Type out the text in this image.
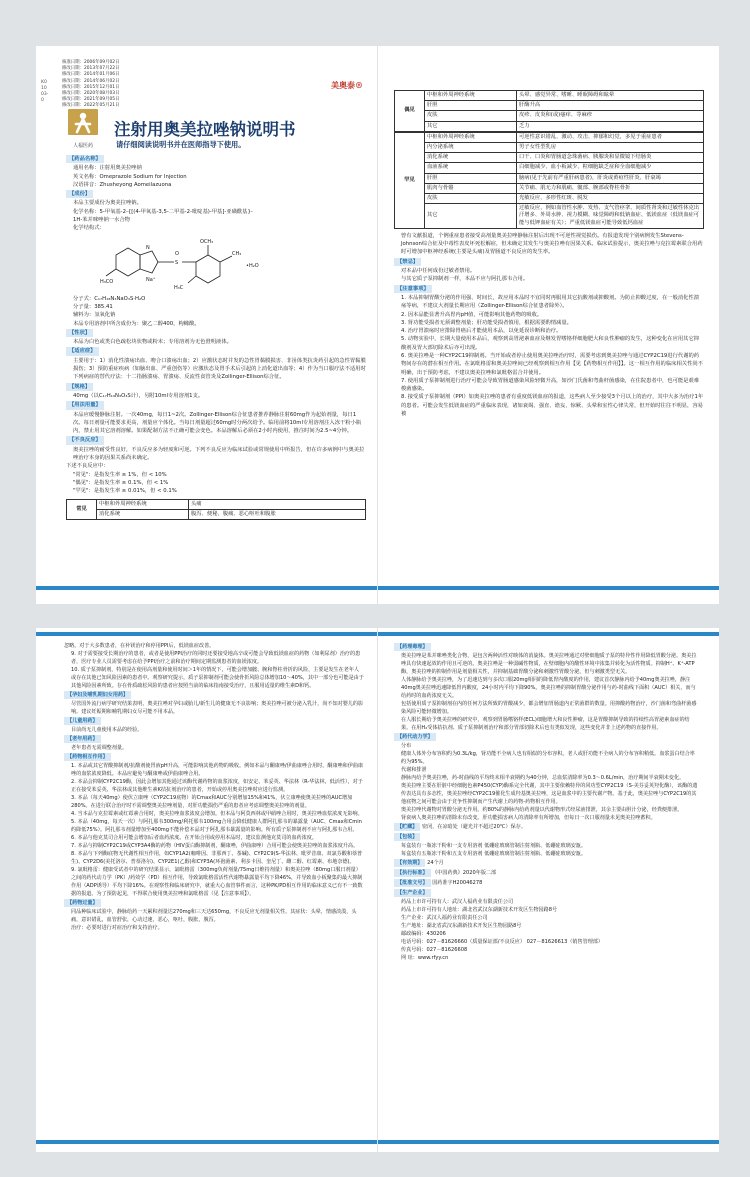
K01003-0
核准日期：2006年09月02日
修改日期：2013年07月22日
修改日期：2014年01月06日
修改日期：2014年06月02日
修改日期：2015年12月01日
修改日期：2020年08月03日
修改日期：2021年09月05日
修改日期：2022年05月21日
美奥泰®
人福医药
注射用奥美拉唑钠说明书
请仔细阅读说明书并在医师指导下使用。
【药品名称】

通用名称：注射用奥美拉唑钠

英文名称：Omeprazole Sodium for Injection

汉语拼音：Zhusheyong Aomeilazuona

【成份】

本品主要成份为奥美拉唑钠。

化学名称：5-甲氧基-2-{[(4-甲氧基-3,5-二甲基-2-吡啶基)-甲基]-亚磺酰基}-

1H-苯并咪唑钠一水合物

化学结构式：

H₃CO
N
Na⁺
S
O
OCH₃
CH₃
H₃C
•H₂O

分子式：C₁₇H₁₈N₃NaO₃S·H₂O

分子量：385.41

辅料为：氢氧化钠

本品专用溶剂中所含成份为：聚乙二醇400，枸橼酸。

【性状】

本品为白色或类白色疏松块状物或粉末；专用溶剂为无色澄明液体。

【适应症】

主要用于：1）消化性溃疡出血、吻合口溃疡出血；2）应激状态时并发的急性胃黏膜损害、非甾体类抗炎药引起的急性胃黏膜损伤；3）预防重症疾病（如脑出血、严重创伤等）应激状态及胃手术后引起的上消化道出血等；4）作为当口服疗法不适用时下列病症的替代疗法：十二指肠溃疡、胃溃疡、反流性食管炎及Zollinger-Ellison综合征。

【规格】

40mg（以C₁₇H₁₉N₃O₃S计），另附10ml专用溶剂1支。

【用法用量】

本品应缓慢静脉注射。一次40mg，每日1~2次。Zollinger-Ellison综合征患者推荐静脉注射60mg作为起始剂量，每日1次。每日剂量可能要求更高，剂量应个体化。当每日剂量超过60mg时分两次给予。临用前将10ml专用溶剂注入冻干粉小瓶内，禁止用其它溶剂溶解。如果配制方法不正确可能会变色。本品溶解后必须在2小时内使用，推注时间为2.5~4分钟。

【不良反应】

奥美拉唑的耐受性良好，不良反应多为轻度和可逆。下列不良反应为临床试验或常规使用中所报告，但在许多病例中与奥美拉唑治疗本身的因果关系尚未确定。

下述不良反应中：

"常见"：是指发生率 ≥ 1%，但 < 10%

"偶见"：是指发生率 ≥ 0.1%，但 < 1%

"罕见"：是指发生率 ≥ 0.01%，但 < 0.1%

常见	中枢和外周神经系统	头痛
	消化系统	腹泻、便秘、腹痛、恶心呕吐和腹胀
偶见	中枢和外周神经系统	头晕、感觉异常、嗜睡、睡眠障碍和眩晕
	肝胆	肝酶升高
	皮肤	皮疹、皮炎和(或)瘙痒、荨麻疹
	其它	乏力
罕见	中枢和外周神经系统	可逆性意识错乱、激动、攻击、抑郁和幻觉，多见于重症患者
	内分泌系统	男子女性型乳房
	消化系统	口干、口炎和胃肠道念珠菌病、胰腺炎和显微镜下结肠炎
	血液系统	白细胞减少、血小板减少、粒细胞缺乏症和全血细胞减少
	肝胆	脑病(见于先前有严重肝病患者)，肝炎或黄疸性肝炎、肝衰竭
	肌肉与骨骼	关节痛、肌无力和肌痛，髋部、腕部或脊柱骨折
	皮肤	光敏反应、多形性红斑、脱发
	其它	过敏反应，例如血管性水肿、发热、支气管痉挛、间质性肾炎和过敏性休克出汗增多、外周水肿、视力模糊、味觉障碍和低钠血症、低镁血症（低镁血症可能与低钾血症有关）；严重低镁血症可能导致低钙血症

曾有文献报道，个例重症患者接受高剂量奥美拉唑静脉注射后出现不可逆性视觉损伤。有报道发现个别病例发生Stevens-Johnson综合征及中毒性表皮坏死松解症，但未确定其发生与奥美拉唑有因果关系。临床试验提示，奥美拉唑与克拉霉素联合用药时可增加中枢神经系统(主要是头痛)及胃肠道不良反应的发生率。

【禁忌】

对本品中任何成份过敏者禁用。

与其它质子泵抑制剂一样，本品不应与阿扎那韦合用。

【注意事项】

1. 本品抑制胃酸分泌的作用强、时间长，故应用本品时不宜同时再服用其它抗酸剂或抑酸剂。为防止抑酸过度，在一般消化性溃疡等病，不建议大剂量长期应用（Zollinger-Ellison综合征患者除外）。

2. 因本品能显著升高胃内pH值，可能影响其他药物的吸收。

3. 肾功能受损者无须调整剂量；肝功能受损者慎用，根据需要酌情减量。

4. 治疗胃溃疡时应排除胃癌后才能使用本品，以免延误诊断和治疗。

5. 动物实验中，长期大量使用本品后，观察到高胃泌素血症及继发胃嗜铬样细胞肥大和良性肿瘤的发生，这种变化在应用其它抑酸剂及胃大部切除术后亦可出现。

6. 奥美拉唑是一种CYP2C19抑制剂。当开始或者停止使用奥美拉唑治疗时，需要考虑到奥美拉唑与通过CYP2C19进行代谢的药物间存在的潜在相互作用。在氯吡格雷和奥美拉唑间已经观察到相互作用【见【药物相互作用】】。这一相互作用的临床相关性尚不明确，出于预防考虑，不建议奥美拉唑和氯吡格雷合并使用。

7. 使用质子泵抑制剂进行治疗可能会导致胃肠道感染风险轻微升高，如沙门氏菌和弯曲杆菌感染，在住院患者中，也可能是艰难梭菌感染。

8. 接受质子泵抑制剂（PPI）如奥美拉唑的患者有重度低镁血症的报道，这些病人至少接受3个月以上的治疗，其中大多为治疗1年的患者。可能会发生低镁血症的严重临床表现，诸如衰竭、强直、谵妄、惊厥、头晕和室性心律失常，但开始时往往不明显，容易被

忽略。对于大多数患者，在补镁治疗和停用PPI后，低镁血症改善。

9. 对于需要接受长期治疗的患者，或者是使用PPI治疗的同时还要接受地高辛或可能会导致低镁血症的药物（如利尿剂）治疗的患者，医疗专业人员需要考虑在给予PPI治疗之前和治疗期间定期监测患者的血镁浓度。

10. 质子泵抑制剂，特别是在使用高剂量和使用时间＞1年的情况下，可能会增加髋、腕和脊柱骨折的风险，主要是发生在老年人或存在其他已知风险因素的患者中。观察研究提示，质子泵抑制剂可能会使骨折风险总体增加10～40%，其中一部分也可能是由于其他风险因素所致。存在骨质疏松风险的患者应按照当前的临床指南接受治疗，且服用适量的维生素D和钙。

【孕妇及哺乳期妇女用药】

尽管国外流行病学研究结果表明，奥美拉唑对孕妇或胎儿/新生儿的健康无不良影响；奥美拉唑可被分泌入乳汁，尚不知对婴儿的影响。建议妊娠期和哺乳期妇女尽可能不用本品。

【儿童用药】

目前尚无儿童使用本品的经验。

【老年用药】

老年患者无需调整剂量。

【药物相互作用】

1. 本品或其它胃酸抑制剂/抗酸剂使胃液pH升高，可能影响其他药物的吸收。例如本品与酮康唑/伊曲康唑合用时，酮康唑和伊曲康唑的血浆浓度降低。本品应避免与酮康唑或伊曲康唑合用。

2. 本品会抑制CYP2C19酶，因此会增加其他通过该酶代谢药物的血浆浓度，如安定、苯妥英、华法林（R-华法林，低活性），对于正在接受苯妥英、华法林或其他维生素K拮抗剂治疗的患者，开始或停用奥美拉唑时应进行监测。

3. 本品（每天40mg）使伏立康唑（CYP2C19底物）的Cmax和AUC分别增加15%和41%，伏立康唑使奥美拉唑的AUC增加280%。在进行联合治疗时不需调整奥美拉唑剂量，对肝功能损伤严重的患者应考虑调整奥美拉唑的剂量。

4. 当本品与克拉霉素或红霉素合用时，奥美拉唑血浆浓度会增加。但本品与阿莫西林或甲硝唑合用时，奥美拉唑血浆浓度无影响。

5. 本品（40mg，每天一次）与阿扎那韦300mg/利托那韦100mg合用会降低健康人群阿扎那韦的暴露量（AUC、Cmax和Cmin约降低75%）。阿扎那韦剂量增加至400mg不能补偿本品对于阿扎那韦暴露量的影响。所有质子泵抑制剂不应与阿扎那韦合用。

6. 本品与他克莫司合用可能会增加后者血药浓度。在开始合用或停用本品时，建议监测他克莫司的血药浓度。

7. 本品与抑制CYP2C19或CYP3A4酶的药物（HIV蛋白酶抑制剂，酮康唑，伊曲康唑）合用可能会使奥美拉唑的血浆浓度升高。

8. 本品与下列酶底物无代谢性相互作用，如CYP1A2(咖啡因、非那西丁、茶碱)、CYP2C9(S-华法林、吡罗昔康、双氯芬酸和萘普生)、CYP2D6(美托洛尔、普萘洛尔)、CYP2E1(乙醇)和CYP3A(环孢菌素、利多卡因、奎尼丁、雌二醇、红霉素、布地奈德)。

9. 氯吡格雷：健康受试者中的研究结果显示，氯吡格雷（300mg负荷剂量/75mg日维持剂量）和奥美拉唑（80mg口服日剂量）之间的药代动力学（PK）/药效学（PD）相互作用，导致氯吡格雷活性代谢物暴露量平均下降46%，并导致血小板聚集的最大抑制作用（ADP诱导）平均下降16%。在观察性和临床研究中，就重大心血管事件而言，这种PK/PD相互作用的临床意义已有不一致数据的报道。为了预防起见，不得联合使用奥美拉唑和氯吡格雷（见【注意事项】）。

【药物过量】

同品种临床试验中，静脉给药一天累积剂量达270mg和三天达650mg，不良反应无剂量相关性。其症状：头晕，情感淡漠，头痛，意识错乱，血管舒张，心动过速，恶心，呕吐，腹胀，腹泻。

治疗：必要时进行对症治疗和支持治疗。

【药理毒理】

奥美拉唑是苯并咪唑类化合物，是包含两种活性对映体的消旋体。奥美拉唑通过对壁细胞质子泵的特异性作用降低胃酸分泌。奥美拉唑具有快速起效的作用且可逆的。奥美拉唑是一种弱碱性物质，在壁细胞内的酸性环境中浓集并转化为活性物质。抑制H⁺、K⁺-ATP酶，奥美拉唑的抑制作用是剂量相关性，并抑制基础胃酸分泌和刺激性胃酸分泌，但与刺激类型无关。

人体静脉给予奥美拉唑，为了迅速达到与多次口服20mg相同的降低胃内酸度的作用，建议首次静脉内给予40mg奥美拉唑，静注40mg奥美拉唑迅速降低胃内酸度，24小时内平均下降90%。奥美拉唑的抑制胃酸分泌作用与药-时曲线下面积（AUC）相关，而与给药时的血药浓度无关。

包括使用质子泵抑制剂在内的任何方法所致的胃酸减少，都会增加胃肠道内正常菌群的数量。用抑酸药物治疗，沙门菌和弯曲杆菌感染风险可能轻微增加。

在人服长期给予奥美拉唑的研究中，观察到胃肠嗜铬样(ECL)细胞增大和良性肿瘤，这是胃酸抑制导致的持续性高胃泌素血症的结果。在用H₂受体拮抗剂、质子泵抑制剂治疗和部分胃部切除术后也有类似发现，这些变化并非上述药物的直接作用。

【药代动力学】

分布

健康人体外分布容积约为0.3L/kg，肾功能不全病人也有相似的分布容积。老人或肝功能不全病人的分布容积稍低。血浆蛋白结合率约为95%。

代谢和排泄

静脉内给予奥美拉唑，药-时曲线的平均终末相半衰期约为40分钟，总血浆清除率为0.3～0.6L/min，治疗期间半衰期未变化。

奥美拉唑主要在肝脏中经细胞色素P450(CYP)酶系完全代谢，其中主要依赖特异的同功型CYP2C19（S-美芬妥英羟化酶），该酶的遗传表达具有多态性，奥美拉唑经CYP2C19催化生成羟基奥美拉唑，这是血浆中的主要代谢产物。基于此，奥美拉唑与CYP2C19的其他底物之间可能会由于竞争性抑制而产生代谢上的药物-药物相互作用。

奥美拉唑代谢物对胃酸分泌无作用。约80%的静脉内给药剂量以代谢物形式经尿液排泄，其余主要由胆汁分泌，经粪便排泄。

肾衰病人奥美拉唑的清除未有改变。肝功能损害病人的清除率有所增加，但每日一次口服剂量未见奥美拉唑蓄积。

【贮藏】 密闭，在凉暗处（避光并不超过20℃）保存。
【包装】

每盒装有一瓶冻干粉和一支专用溶剂 低硼硅玻璃管制注射剂瓶、低硼硅玻璃安瓿。

每盒装有五瓶冻干粉和五支专用溶剂 低硼硅玻璃管制注射剂瓶、低硼硅玻璃安瓿。

【有效期】 24个月
【执行标准】 《中国药典》2020年版二部
【批准文号】 国药准字H20046278
【生产企业】

药品上市许可持有人：武汉人福药业有限责任公司

药品上市许可持有人地址：湖北省武汉东湖新技术开发区生物园路8号

生产企业：武汉人福药业有限责任公司

生产地址：湖北省武汉东湖新技术开发区生物园路8号

邮政编码：430206

电话号码：027－81626660（质量保证部/不良反应） 027－81626613（销售管理部）

传真号码：027－81626608

网 址：www.rfyy.cn
